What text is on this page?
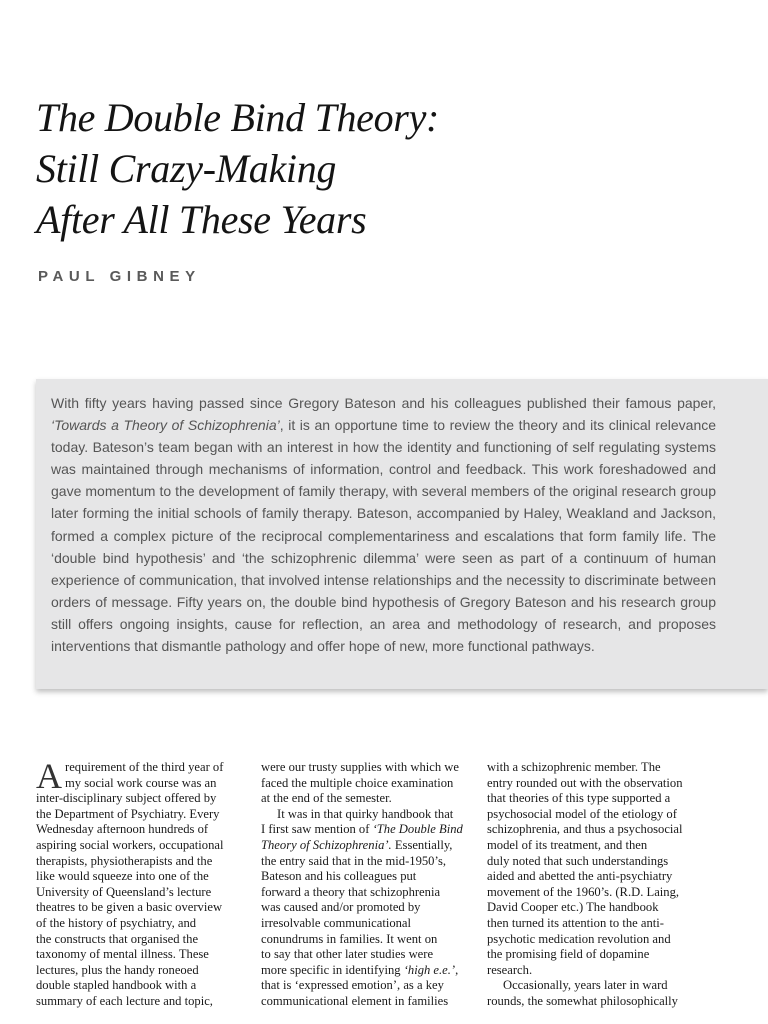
The Double Bind Theory:
Still Crazy-Making
After All These Years
PAUL GIBNEY

With fifty years having passed since Gregory Bateson and his colleagues published their famous paper, ‘Towards a Theory of Schizophrenia’, it is an opportune time to review the theory and its clinical relevance today. Bateson’s team began with an interest in how the identity and functioning of self regulating systems was maintained through mechanisms of information, control and feedback. This work foreshadowed and gave momentum to the development of family therapy, with several members of the original research group later forming the initial schools of family therapy. Bateson, accompanied by Haley, Weakland and Jackson, formed a complex picture of the reciprocal complementariness and escalations that form family life. The ‘double bind hypothesis’ and ‘the schizophrenic dilemma’ were seen as part of a continuum of human experience of communication, that involved intense relationships and the necessity to discriminate between orders of message. Fifty years on, the double bind hypothesis of Gregory Bateson and his research group still offers ongoing insights, cause for reflection, an area and methodology of research, and proposes interventions that dismantle pathology and offer hope of new, more functional pathways.

A requirement of the third year of
my social work course was an
inter-disciplinary subject offered by
the Department of Psychiatry. Every
Wednesday afternoon hundreds of
aspiring social workers, occupational
therapists, physiotherapists and the
like would squeeze into one of the
University of Queensland’s lecture
theatres to be given a basic overview
of the history of psychiatry, and
the constructs that organised the
taxonomy of mental illness. These
lectures, plus the handy roneoed
double stapled handbook with a
summary of each lecture and topic,
were our trusty supplies with which we
faced the multiple choice examination
at the end of the semester.
It was in that quirky handbook that
I first saw mention of ‘The Double Bind
Theory of Schizophrenia’. Essentially,
the entry said that in the mid-1950’s,
Bateson and his colleagues put
forward a theory that schizophrenia
was caused and/or promoted by
irresolvable communicational
conundrums in families. It went on
to say that other later studies were
more specific in identifying ‘high e.e.’,
that is ‘expressed emotion’, as a key
communicational element in families
with a schizophrenic member. The
entry rounded out with the observation
that theories of this type supported a
psychosocial model of the etiology of
schizophrenia, and thus a psychosocial
model of its treatment, and then
duly noted that such understandings
aided and abetted the anti-psychiatry
movement of the 1960’s. (R.D. Laing,
David Cooper etc.) The handbook
then turned its attention to the anti-
psychotic medication revolution and
the promising field of dopamine
research.
Occasionally, years later in ward
rounds, the somewhat philosophically
